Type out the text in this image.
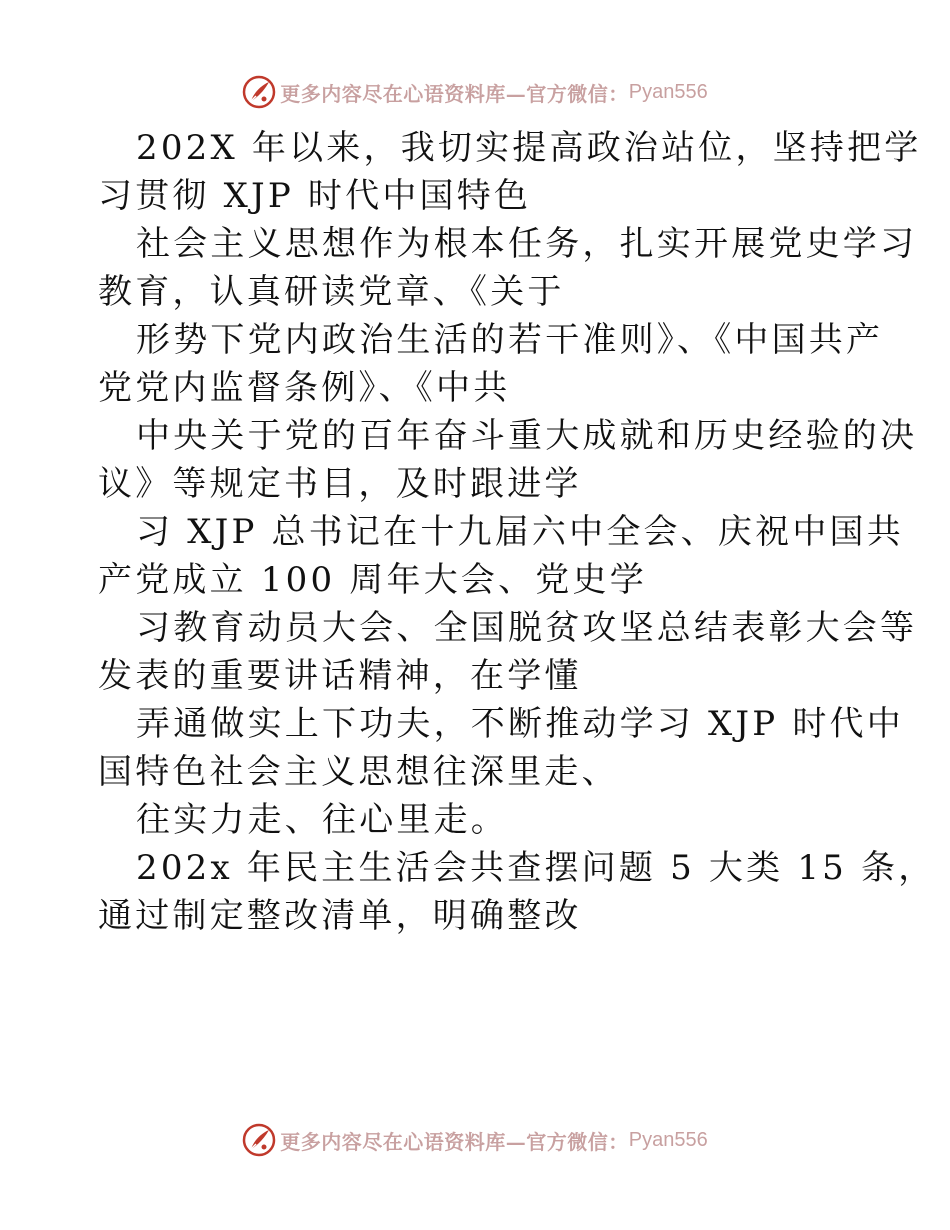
更多内容尽在心语资料库—官方微信： Pyan556
202X 年以来，我切实提高政治站位，坚持把学
习贯彻 XJP 时代中国特色
社会主义思想作为根本任务，扎实开展党史学习
教育，认真研读党章、《关于
形势下党内政治生活的若干准则》、《中国共产
党党内监督条例》、《中共
中央关于党的百年奋斗重大成就和历史经验的决
议》等规定书目，及时跟进学
习 XJP 总书记在十九届六中全会、庆祝中国共
产党成立 100 周年大会、党史学
习教育动员大会、全国脱贫攻坚总结表彰大会等
发表的重要讲话精神，在学懂
弄通做实上下功夫，不断推动学习 XJP 时代中
国特色社会主义思想往深里走、
往实力走、往心里走。
202x 年民主生活会共查摆问题 5 大类 15 条，
通过制定整改清单，明确整改
更多内容尽在心语资料库—官方微信： Pyan556
